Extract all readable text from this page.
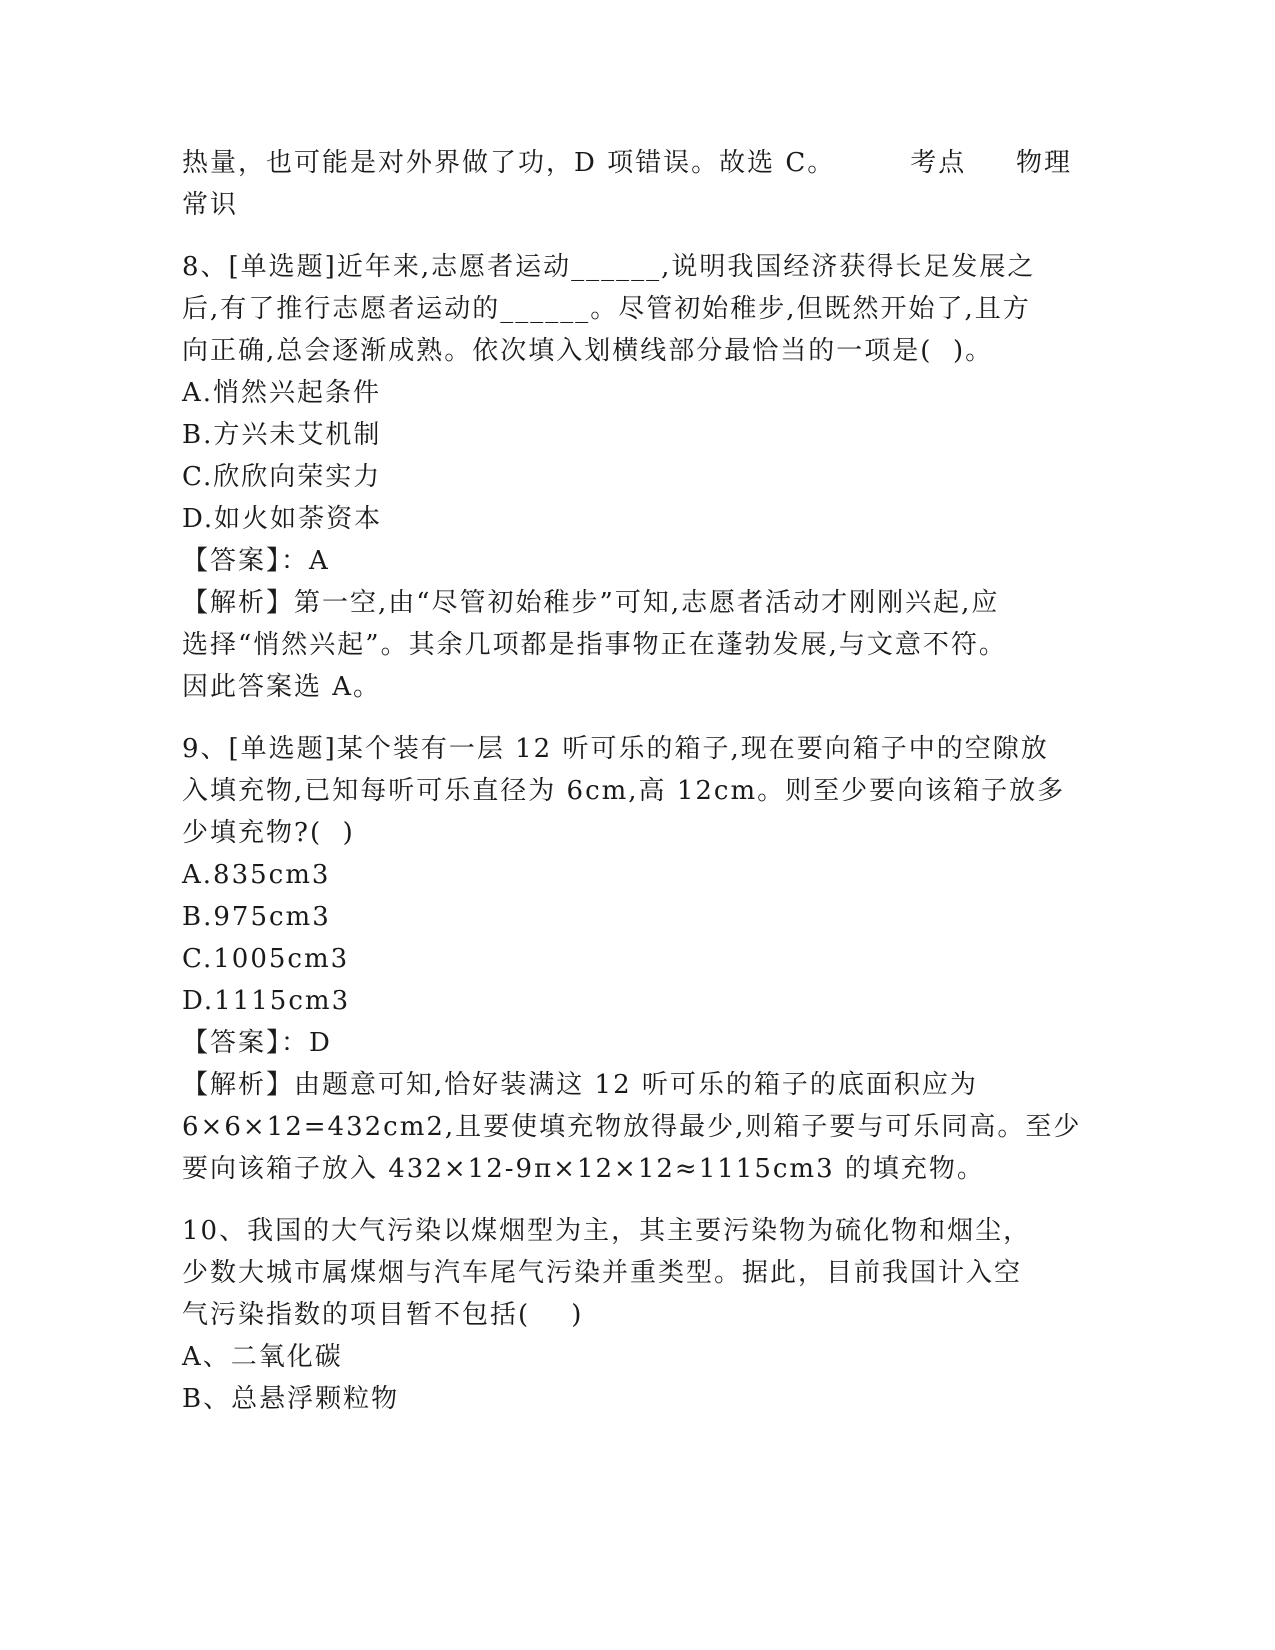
热量，也可能是对外界做了功，D 项错误。故选 C。	考点 物理
常识
8、[单选题]近年来,志愿者运动______,说明我国经济获得长足发展之
后,有了推行志愿者运动的______。尽管初始稚步,但既然开始了,且方
向正确,总会逐渐成熟。依次填入划横线部分最恰当的一项是(  )。
A.悄然兴起条件
B.方兴未艾机制
C.欣欣向荣实力
D.如火如荼资本
【答案】：A
【解析】第一空,由“尽管初始稚步”可知,志愿者活动才刚刚兴起,应
选择“悄然兴起”。其余几项都是指事物正在蓬勃发展,与文意不符。
因此答案选 A。
9、[单选题]某个装有一层 12 听可乐的箱子,现在要向箱子中的空隙放
入填充物,已知每听可乐直径为 6cm,高 12cm。则至少要向该箱子放多
少填充物?(  )
A.835cm3
B.975cm3
C.1005cm3
D.1115cm3
【答案】：D
【解析】由题意可知,恰好装满这 12 听可乐的箱子的底面积应为
6×6×12=432cm2,且要使填充物放得最少,则箱子要与可乐同高。至少
要向该箱子放入 432×12-9π×12×12≈1115cm3 的填充物。
10、我国的大气污染以煤烟型为主，其主要污染物为硫化物和烟尘，
少数大城市属煤烟与汽车尾气污染并重类型。据此，目前我国计入空
气污染指数的项目暂不包括(    )
A、二氧化碳
B、总悬浮颗粒物
